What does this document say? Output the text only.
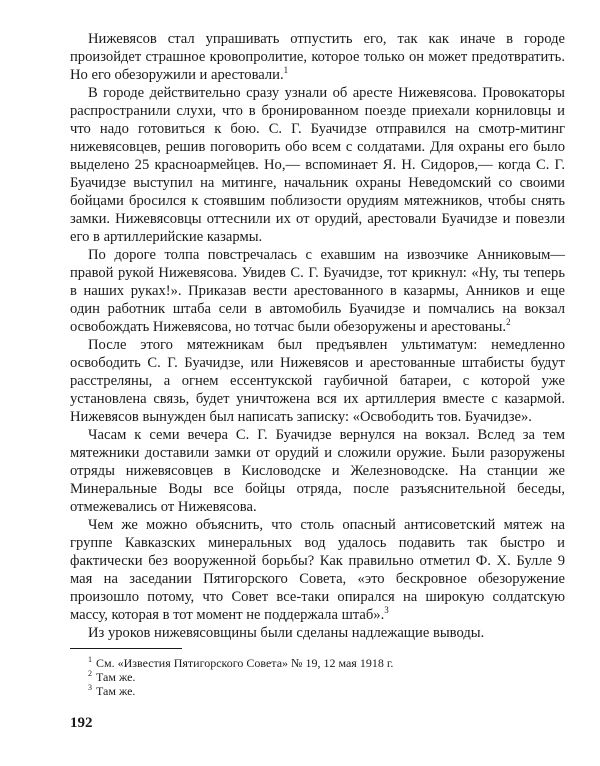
Нижевясов стал упрашивать отпустить его, так как иначе в городе произойдет страшное кровопролитие, которое только он может предотвратить. Но его обезоружили и арестовали.$^1$

В городе действительно сразу узнали об аресте Нижевясова. Провокаторы распространили слухи, что в бронированном поезде приехали корниловцы и что надо готовиться к бою. С. Г. Буачидзе отправился на смотр-митинг нижевясовцев, решив поговорить обо всем с солдатами. Для охраны его было выделено 25 красноармейцев. Но,— вспоминает Я. Н. Сидоров,— когда С. Г. Буачидзе выступил на митинге, начальник охраны Неведомский со своими бойцами бросился к стоявшим поблизости орудиям мятежников, чтобы снять замки. Нижевясовцы оттеснили их от орудий, арестовали Буачидзе и повезли его в артиллерийские казармы.

По дороге толпа повстречалась с ехавшим на извозчике Анниковым—правой рукой Нижевясова. Увидев С. Г. Буачидзе, тот крикнул: «Ну, ты теперь в наших руках!». Приказав вести арестованного в казармы, Анников и еще один работник штаба сели в автомобиль Буачидзе и помчались на вокзал освобождать Нижевясова, но тотчас были обезоружены и арестованы.$^2$

После этого мятежникам был предъявлен ультиматум: немедленно освободить С. Г. Буачидзе, или Нижевясов и арестованные штабисты будут расстреляны, а огнем ессентукской гаубичной батареи, с которой уже установлена связь, будет уничтожена вся их артиллерия вместе с казармой. Нижевясов вынужден был написать записку: «Освободить тов. Буачидзе».

Часам к семи вечера С. Г. Буачидзе вернулся на вокзал. Вслед за тем мятежники доставили замки от орудий и сложили оружие. Были разоружены отряды нижевясовцев в Кисловодске и Железноводске. На станции же Минеральные Воды все бойцы отряда, после разъяснительной беседы, отмежевались от Нижевясова.

Чем же можно объяснить, что столь опасный антисоветский мятеж на группе Кавказских минеральных вод удалось подавить так быстро и фактически без вооруженной борьбы? Как правильно отметил Ф. Х. Булле 9 мая на заседании Пятигорского Совета, «это бескровное обезоружение произошло потому, что Совет все-таки опирался на широкую солдатскую массу, которая в тот момент не поддержала штаб».$^3$

Из уроков нижевясовщины были сделаны надлежащие выводы.

$^1$ См. «Известия Пятигорского Совета» № 19, 12 мая 1918 г.

$^2$ Там же.

$^3$ Там же.

192
